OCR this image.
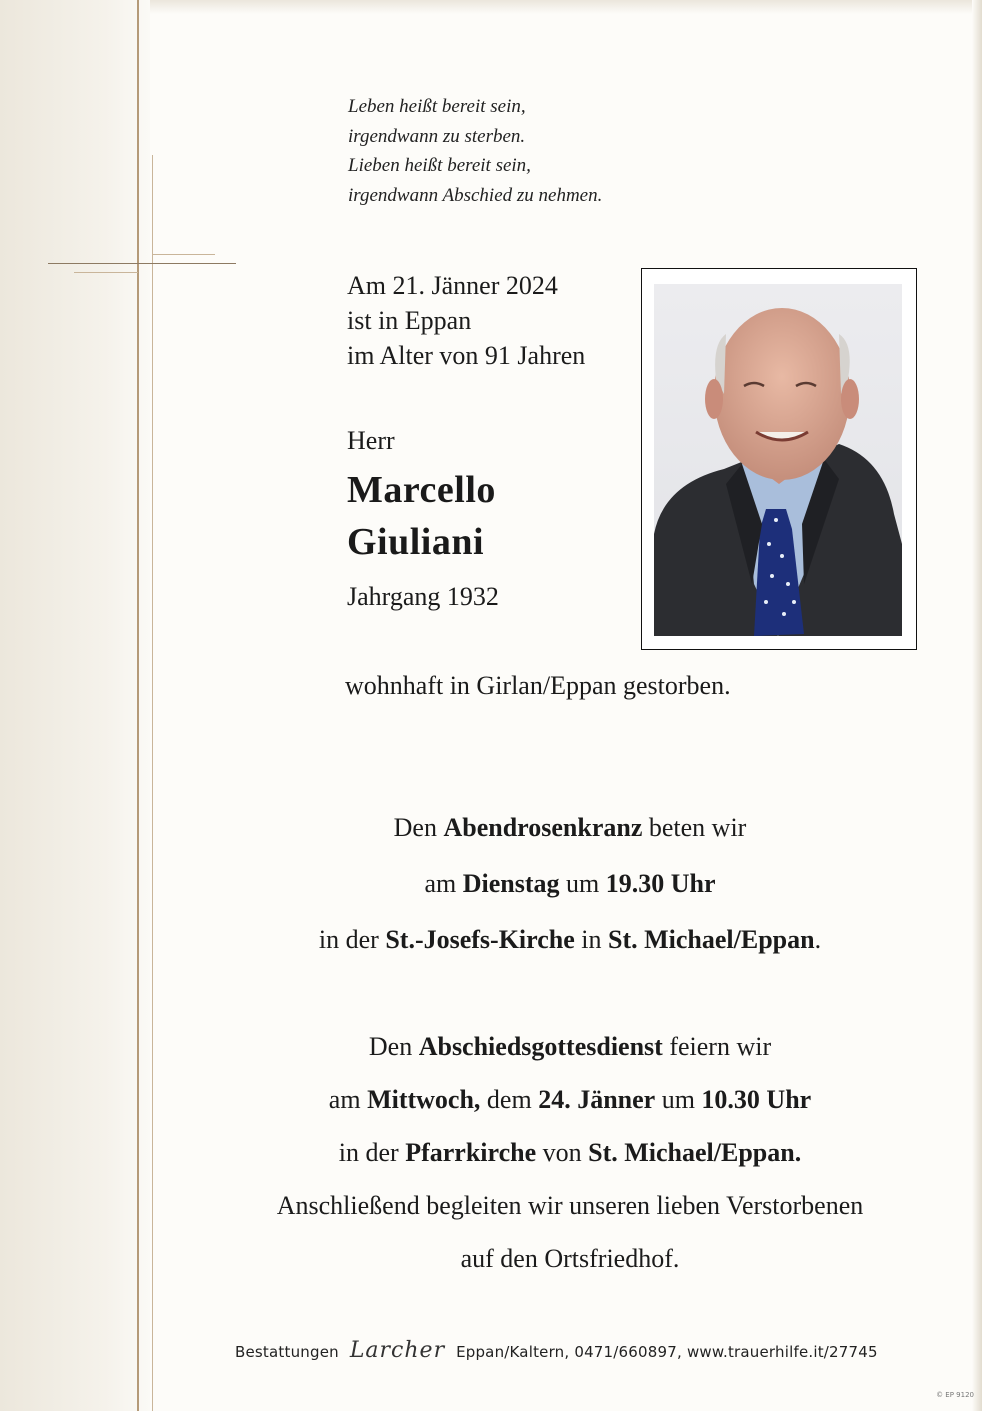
Leben heißt bereit sein,
irgendwann zu sterben.
Lieben heißt bereit sein,
irgendwann Abschied zu nehmen.
Am 21. Jänner 2024
ist in Eppan
im Alter von 91 Jahren
Herr
Marcello
Giuliani
Jahrgang 1932
wohnhaft in Girlan/Eppan gestorben.
Den Abendrosenkranz beten wir
am Dienstag um 19.30 Uhr
in der St.-Josefs-Kirche in St. Michael/Eppan.
Den Abschiedsgottesdienst feiern wir
am Mittwoch, dem 24. Jänner um 10.30 Uhr
in der Pfarrkirche von St. Michael/Eppan.
Anschließend begleiten wir unseren lieben Verstorbenen
auf den Ortsfriedhof.
Bestattungen Larcher Eppan/Kaltern, 0471/660897, www.trauerhilfe.it/27745
© EP 9120
